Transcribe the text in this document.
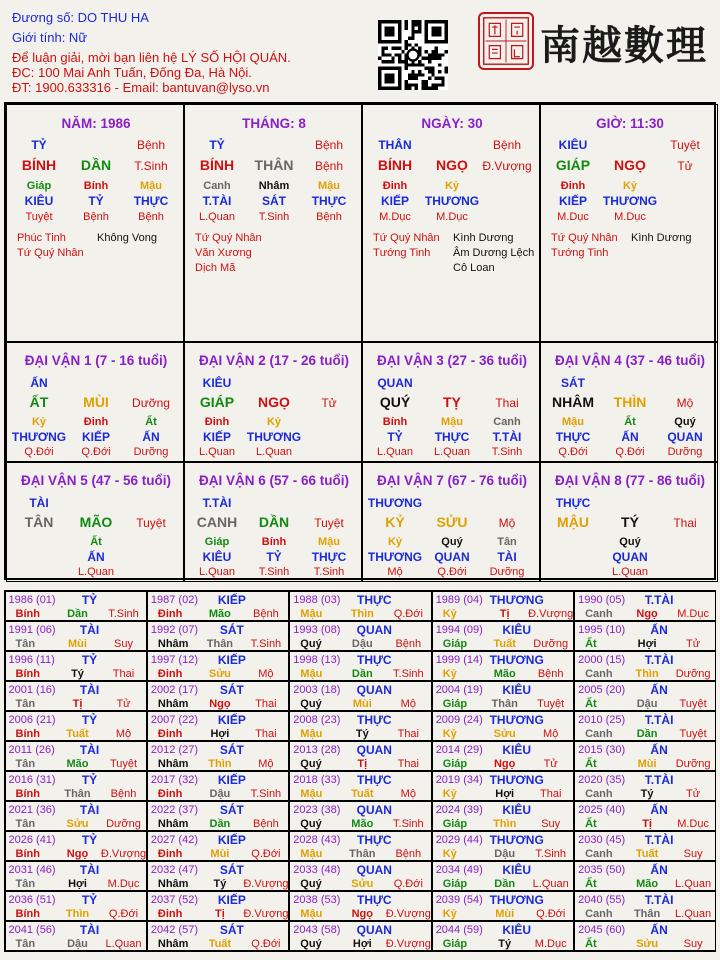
Đương số: DO THU HA
Giới tính: Nữ
Để luận giải, mời bạn liên hệ LÝ SỐ HỘI QUÁN.
ĐC: 100 Mai Anh Tuấn, Đống Đa, Hà Nội.
ĐT: 1900.633316 - Email: bantuvan@lyso.vn
南越數理
NĂM: 1986
TỶ	Bệnh
BÍNH DẦN T.Sinh
Giáp
KIÊU
Tuyệt
Bính
TỶ
Bệnh
Mậu
THỰC
Bệnh
Phúc Tinh
Tứ Quý Nhân
Không Vong
THÁNG: 8
TỶ	Bệnh
BÍNH THÂN Bệnh
Canh
T.TÀI
L.Quan
Nhâm
SÁT
T.Sinh
Mậu
THỰC
Bệnh
Tứ Quý Nhân
Văn Xương
Dịch Mã
NGÀY: 30
THÂN	Bệnh
BÍNH NGỌ Đ.Vượng
Đinh
KIẾP
M.Dục
Kỷ
THƯƠNG
M.Dục
Tứ Quý Nhân
Tướng Tinh
Kình Dương
Âm Dương Lệch
Cô Loan
GIỜ: 11:30
KIÊU	Tuyệt
GIÁP NGỌ	Tử
Đinh
KIẾP
M.Dục
Kỷ
THƯƠNG
M.Dục
Tứ Quý Nhân
Tướng Tinh
Kình Dương
ĐẠI VẬN 1 (7 - 16 tuổi)
ẤN
ẤT MÙI Dưỡng
Kỷ
THƯƠNG
Q.Đới
Đinh
KIẾP
Q.Đới
Ất
ẤN
Dưỡng
ĐẠI VẬN 2 (17 - 26 tuổi)
KIÊU
GIÁP NGỌ	Tử
Đinh
KIẾP
L.Quan
Kỷ
THƯƠNG
L.Quan
ĐẠI VẬN 3 (27 - 36 tuổi)
QUAN
QUÝ TỴ	Thai
Bính
TỶ
L.Quan
Mậu
THỰC
L.Quan
Canh
T.TÀI
T.Sinh
ĐẠI VẬN 4 (37 - 46 tuổi)
SÁT
NHÂM THÌN	Mộ
Mậu
THỰC
Q.Đới
Ất
ẤN
Q.Đới
Quý
QUAN
Dưỡng
ĐẠI VẬN 5 (47 - 56 tuổi)
TÀI
TÂN MÃO Tuyệt
Ất
ẤN
L.Quan
ĐẠI VẬN 6 (57 - 66 tuổi)
T.TÀI
CANH DẦN Tuyệt
Giáp
KIÊU
L.Quan
Bính
TỶ
T.Sinh
Mậu
THỰC
T.Sinh
ĐẠI VẬN 7 (67 - 76 tuổi)
THƯƠNG
KỶ SỬU	Mộ
Kỷ
THƯƠNG
Mộ
Quý
QUAN
Q.Đới
Tân
TÀI
Dưỡng
ĐẠI VẬN 8 (77 - 86 tuổi)
THỰC
MẬU TÝ	Thai
Quý
QUAN
L.Quan
1986 (01) TỶ
Bính Dần T.Sinh
1987 (02) KIẾP
Đinh Mão Bệnh
1988 (03) THỰC
Mậu	Thìn Q.Đới
1989 (04) THƯƠNG
Kỷ	Tị Đ.Vượng
1990 (05) T.TÀI
Canh Ngọ M.Dục
1991 (06) TÀI
Tân	Mùi Suy
1992 (07) SÁT
Nhâm Thân T.Sinh
1993 (08) QUAN
Quý	Dậu Bệnh
1994 (09) KIÊU
Giáp Tuất Dưỡng
1995 (10) ẤN
Ất	Hợi	Tử
1996 (11) TỶ
Bính	Tý	Thai
1997 (12) KIẾP
Đinh Sửu Mộ
1998 (13) THỰC
Mậu	Dần T.Sinh
1999 (14) THƯƠNG
Kỷ	Mão Bệnh
2000 (15) T.TÀI
Canh Thìn Dưỡng
2001 (16) TÀI
Tân	Tị	Tử
2002 (17) SÁT
Nhâm Ngọ Thai
2003 (18) QUAN
Quý	Mùi	Mộ
2004 (19) KIÊU
Giáp Thân Tuyệt
2005 (20) ẤN
Ất	Dậu Tuyệt
2006 (21) TỶ
Bính Tuất Mộ
2007 (22) KIẾP
Đinh	Hợi Thai
2008 (23) THỰC
Mậu	Tý	Thai
2009 (24) THƯƠNG
Kỷ	Sửu Mộ
2010 (25) T.TÀI
Canh Dần Tuyệt
2011 (26) TÀI
Tân	Mão Tuyệt
2012 (27) SÁT
Nhâm Thìn Mộ
2013 (28) QUAN
Quý	Tị	Thai
2014 (29) KIÊU
Giáp Ngọ	Tử
2015 (30) ẤN
Ất	Mùi Dưỡng
2016 (31) TỶ
Bính Thân Bệnh
2017 (32) KIẾP
Đinh Dậu T.Sinh
2018 (33) THỰC
Mậu	Tuất Mộ
2019 (34) THƯƠNG
Kỷ	Hợi Thai
2020 (35) T.TÀI
Canh	Tý	Tử
2021 (36) TÀI
Tân	Sửu Dưỡng
2022 (37) SÁT
Nhâm Dần Bệnh
2023 (38) QUAN
Quý	Mão T.Sinh
2024 (39) KIÊU
Giáp Thìn Suy
2025 (40) ẤN
Ất	Tị M.Dục
2026 (41) TỶ
Bính Ngọ Đ.Vượng
2027 (42) KIẾP
Đinh	Mùi Q.Đới
2028 (43) THỰC
Mậu Thân Bệnh
2029 (44) THƯƠNG
Kỷ	Dậu T.Sinh
2030 (45) T.TÀI
Canh Tuất Suy
2031 (46) TÀI
Tân	Hợi M.Dục
2032 (47) SÁT
Nhâm Tý Đ.Vượng
2033 (48) QUAN
Quý	Sửu Q.Đới
2034 (49) KIÊU
Giáp Dần L.Quan
2035 (50) ẤN
Ất	Mão L.Quan
2036 (51) TỶ
Bính Thìn Q.Đới
2037 (52) KIẾP
Đinh	Tị Đ.Vượng
2038 (53) THỰC
Mậu	Ngọ Đ.Vượng
2039 (54) THƯƠNG
Kỷ	Mùi Q.Đới
2040 (55) T.TÀI
Canh Thân L.Quan
2041 (56) TÀI
Tân	Dậu L.Quan
2042 (57) SÁT
Nhâm Tuất Q.Đới
2043 (58) QUAN
Quý	Hợi Đ.Vượng
2044 (59) KIÊU
Giáp	Tý M.Dục
2045 (60) ẤN
Ất	Sửu Suy
